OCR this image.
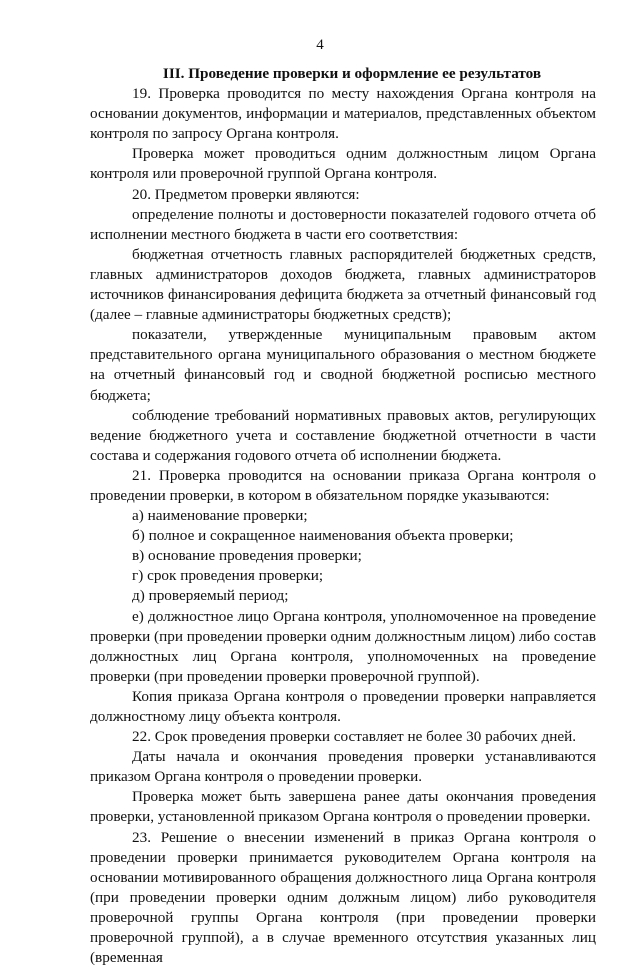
4

III. Проведение проверки и оформление ее результатов

19. Проверка проводится по месту нахождения Органа контроля на основании документов, информации и материалов, представленных объектом контроля по запросу Органа контроля.

Проверка может проводиться одним должностным лицом Органа контроля или проверочной группой Органа контроля.

20. Предметом проверки являются:

определение полноты и достоверности показателей годового отчета об исполнении местного бюджета в части его соответствия:

бюджетная отчетность главных распорядителей бюджетных средств, главных администраторов доходов бюджета, главных администраторов источников финансирования дефицита бюджета за отчетный финансовый год (далее – главные администраторы бюджетных средств);

показатели, утвержденные муниципальным правовым актом представительного органа муниципального образования о местном бюджете на отчетный финансовый год и сводной бюджетной росписью местного бюджета;

соблюдение требований нормативных правовых актов, регулирующих ведение бюджетного учета и составление бюджетной отчетности в части состава и содержания годового отчета об исполнении бюджета.

21. Проверка проводится на основании приказа Органа контроля о проведении проверки, в котором в обязательном порядке указываются:

а) наименование проверки;

б) полное и сокращенное наименования объекта проверки;

в) основание проведения проверки;

г) срок проведения проверки;

д) проверяемый период;

е) должностное лицо Органа контроля, уполномоченное на проведение проверки (при проведении проверки одним должностным лицом) либо состав должностных лиц Органа контроля, уполномоченных на проведение проверки (при проведении проверки проверочной группой).

Копия приказа Органа контроля о проведении проверки направляется должностному лицу объекта контроля.

22. Срок проведения проверки составляет не более 30 рабочих дней.

Даты начала и окончания проведения проверки устанавливаются приказом Органа контроля о проведении проверки.

Проверка может быть завершена ранее даты окончания проведения проверки, установленной приказом Органа контроля о проведении проверки.

23. Решение о внесении изменений в приказ Органа контроля о проведении проверки принимается руководителем Органа контроля на основании мотивированного обращения должностного лица Органа контроля (при проведении проверки одним должным лицом) либо руководителя проверочной группы Органа контроля (при проведении проверки проверочной группой), а в случае временного отсутствия указанных лиц (временная
